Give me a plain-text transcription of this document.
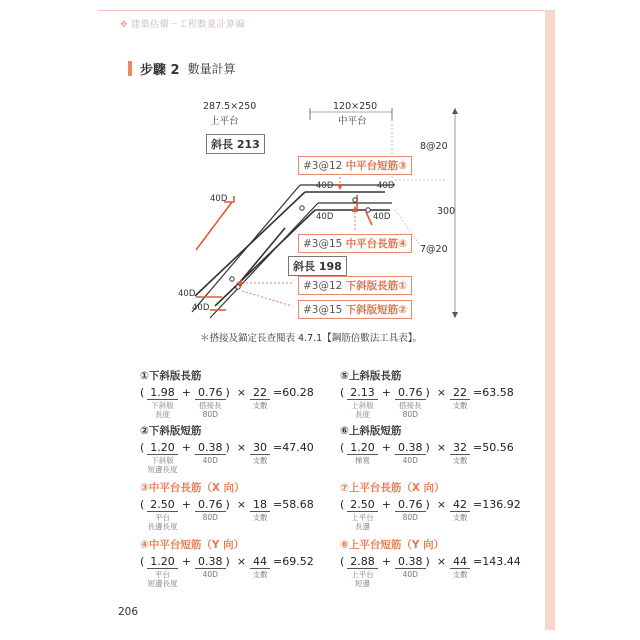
✥ 建築估價－工程數量計算編
步驟 2 數量計算
287.5×250
上平台
120×250
中平台
斜長 213
斜長 198
#3@12 中平台短筋③
#3@15 中平台長筋④
#3@12 下斜版長筋①
#3@15 下斜版短筋②
8@20
7@20
300
40D	40D
40D	40D
40D
40D
40D
＊搭接及錨定長查閱表 4.7.1【鋼筋倍數法工具表】。
①下斜版長筋
( 1.98
下斜版
長度
+ 0.76
搭接長
80D
) × 22
支數
=60.28
⑤上斜版長筋
( 2.13
上斜版
長度
+ 0.76
搭接長
80D
) × 22
支數
=63.58
②下斜版短筋
( 1.20
下斜版
短邊長度
+ 0.38
40D
) × 30
支數
=47.40
⑥上斜版短筋
( 1.20
梯寬
+ 0.38
40D
) × 32
支數
=50.56
③中平台長筋（X 向）
( 2.50
平台
長邊長度
+ 0.76
80D
) × 18
支數
=58.68
⑦上平台長筋（X 向）
( 2.50
上平台
長邊
+ 0.76
80D
) × 42
支數
=136.92
④中平台短筋（Y 向）
( 1.20
平台
短邊長度
+ 0.38
40D
) × 44
支數
=69.52
⑧上平台短筋（Y 向）
( 2.88
上平台
短邊
+ 0.38
40D
) × 44
支數
=143.44
206
